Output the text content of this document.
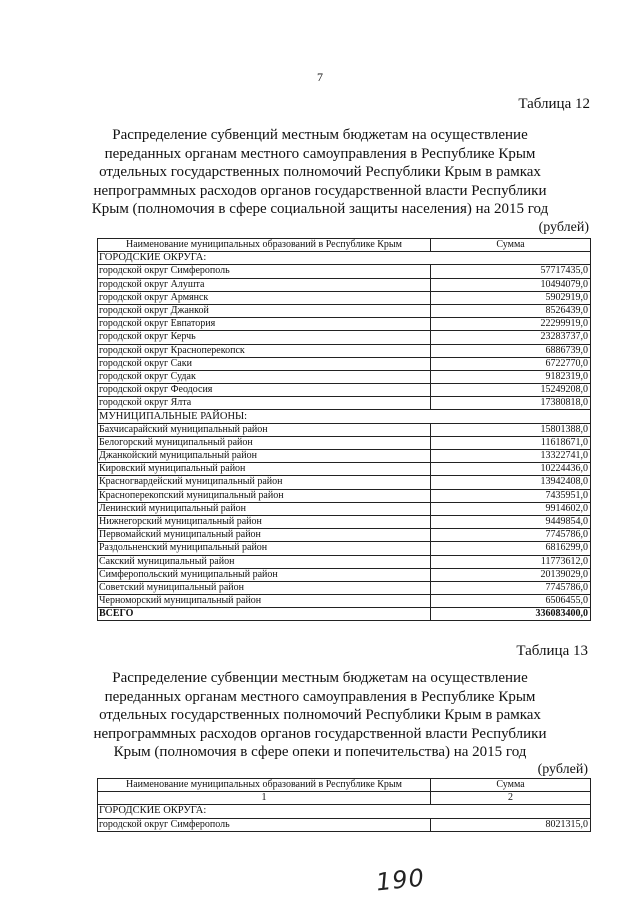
7
Таблица 12
Распределение субвенций местным бюджетам на осуществление переданных органам местного самоуправления в Республике Крым отдельных государственных полномочий Республики Крым в рамках непрограммных расходов органов государственной власти Республики Крым (полномочия в сфере социальной защиты населения) на 2015 год
(рублей)
Наименование муниципальных образований в Республике Крым	Сумма
ГОРОДСКИЕ ОКРУГА:	
городской округ Симферополь	57717435,0
городской округ Алушта	10494079,0
городской округ Армянск	5902919,0
городской округ Джанкой	8526439,0
городской округ Евпатория	22299919,0
городской округ Керчь	23283737,0
городской округ Красноперекопск	6886739,0
городской округ Саки	6722770,0
городской округ Судак	9182319,0
городской округ Феодосия	15249208,0
городской округ Ялта	17380818,0
МУНИЦИПАЛЬНЫЕ РАЙОНЫ:	
Бахчисарайский муниципальный район	15801388,0
Белогорский муниципальный район	11618671,0
Джанкойский муниципальный район	13322741,0
Кировский муниципальный район	10224436,0
Красногвардейский муниципальный район	13942408,0
Красноперекопский муниципальный район	7435951,0
Ленинский муниципальный район	9914602,0
Нижнегорский муниципальный район	9449854,0
Первомайский муниципальный район	7745786,0
Раздольненский муниципальный район	6816299,0
Сакский муниципальный район	11773612,0
Симферопольский муниципальный район	20139029,0
Советский муниципальный район	7745786,0
Черноморский муниципальный район	6506455,0
ВСЕГО	336083400,0
Таблица 13
Распределение субвенции местным бюджетам на осуществление переданных органам местного самоуправления в Республике Крым отдельных государственных полномочий Республики Крым в рамках непрограммных расходов органов государственной власти Республики Крым (полномочия в сфере опеки и попечительства) на 2015 год
(рублей)
Наименование муниципальных образований в Республике Крым	Сумма
1	2
ГОРОДСКИЕ ОКРУГА:	
городской округ Симферополь	8021315,0
190
